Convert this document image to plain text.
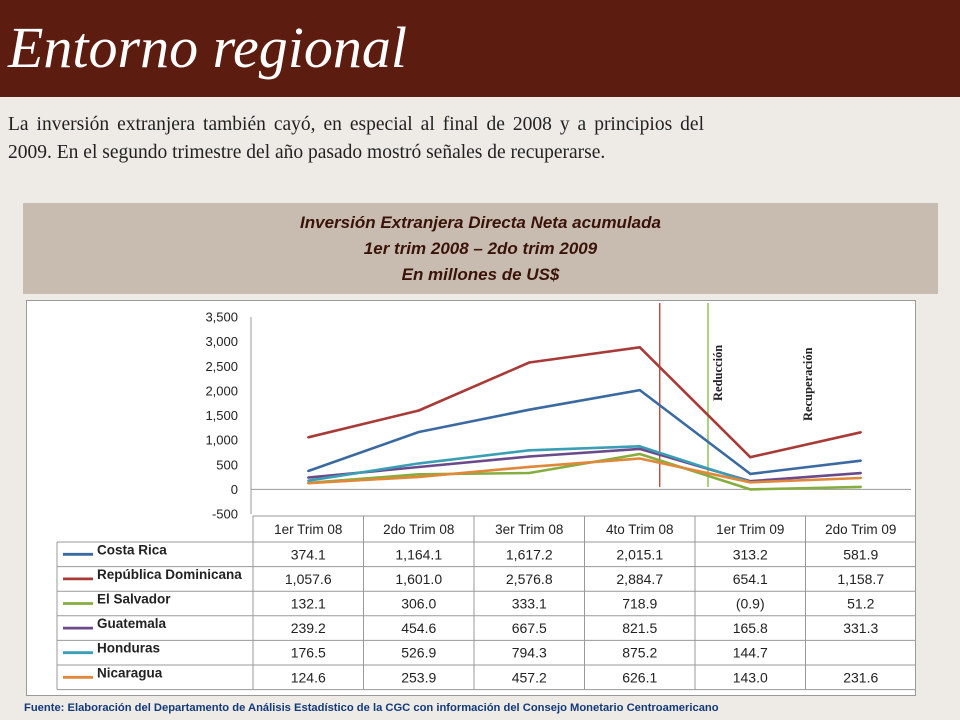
Entorno regional
La inversión extranjera también cayó, en especial al final de 2008 y a principios del 2009. En el segundo trimestre del año pasado mostró señales de recuperarse.
Inversión Extranjera Directa Neta acumulada
1er trim 2008 – 2do trim 2009
En millones de US$
3,500
3,000
2,500
2,000
1,500
1,000
500
0
-500
Reducción	Recuperación
1er Trim 08	2do Trim 08	3er Trim 08	4to Trim 08	1er Trim 09	2do Trim 09
Costa Rica	374.1	1,164.1	1,617.2	2,015.1	313.2	581.9
República Dominicana	1,057.6	1,601.0	2,576.8	2,884.7	654.1	1,158.7
El Salvador	132.1	306.0	333.1	718.9	(0.9)	51.2
Guatemala	239.2	454.6	667.5	821.5	165.8	331.3
Honduras	176.5	526.9	794.3	875.2	144.7
Nicaragua	124.6	253.9	457.2	626.1	143.0	231.6
Fuente: Elaboración del Departamento de Análisis Estadístico de la CGC con información del Consejo Monetario Centroamericano
